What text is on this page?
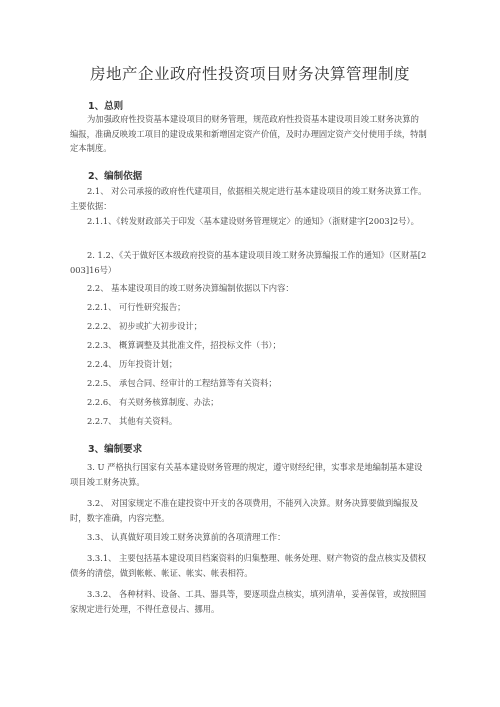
房地产企业政府性投资项目财务决算管理制度
1、总则
为加强政府性投资基本建设项目的财务管理，规范政府性投资基本建设项目竣工财务决算的编报，准确反映竣工项目的建设成果和新增固定资产价值，及时办理固定资产交付使用手续，特制定本制度。
2、编制依据
2.1、 对公司承接的政府性代建项目，依据相关规定进行基本建设项目的竣工财务决算工作。主要依据：
2.1.1、《转发财政部关于印发〈基本建设财务管理规定〉的通知》（浙财建字[2003]2号）。
2. 1.2、《关于做好区本级政府投资的基本建设项目竣工财务决算编报工作的通知》（区财基[2003]16号）
2.2、 基本建设项目的竣工财务决算编制依据以下内容：
2.2.1、 可行性研究报告；
2.2.2、 初步或扩大初步设计；
2.2.3、 概算调整及其批准文件，招投标文件（书）；
2.2.4、 历年投资计划；
2.2.5、 承包合同、经审计的工程结算等有关资料；
2.2.6、 有关财务核算制度、办法；
2.2.7、 其他有关资料。
3、编制要求
3. U 严格执行国家有关基本建设财务管理的规定，遵守财经纪律，实事求是地编制基本建设项目竣工财务决算。
3.2、 对国家规定不准在建投资中开支的各项费用，不能列入决算。财务决算要做到编报及时，数字准确，内容完整。
3.3、 认真做好项目竣工财务决算前的各项清理工作：
3.3.1、 主要包括基本建设项目档案资料的归集整理、帐务处理、财产物资的盘点核实及债权债务的清偿，做到帐帐、帐证、帐实、帐表相符。
3.3.2、 各种材料、设备、工具、器具等，要逐项盘点核实，填列清单，妥善保管，或按照国家规定进行处理，不得任意侵占、挪用。
